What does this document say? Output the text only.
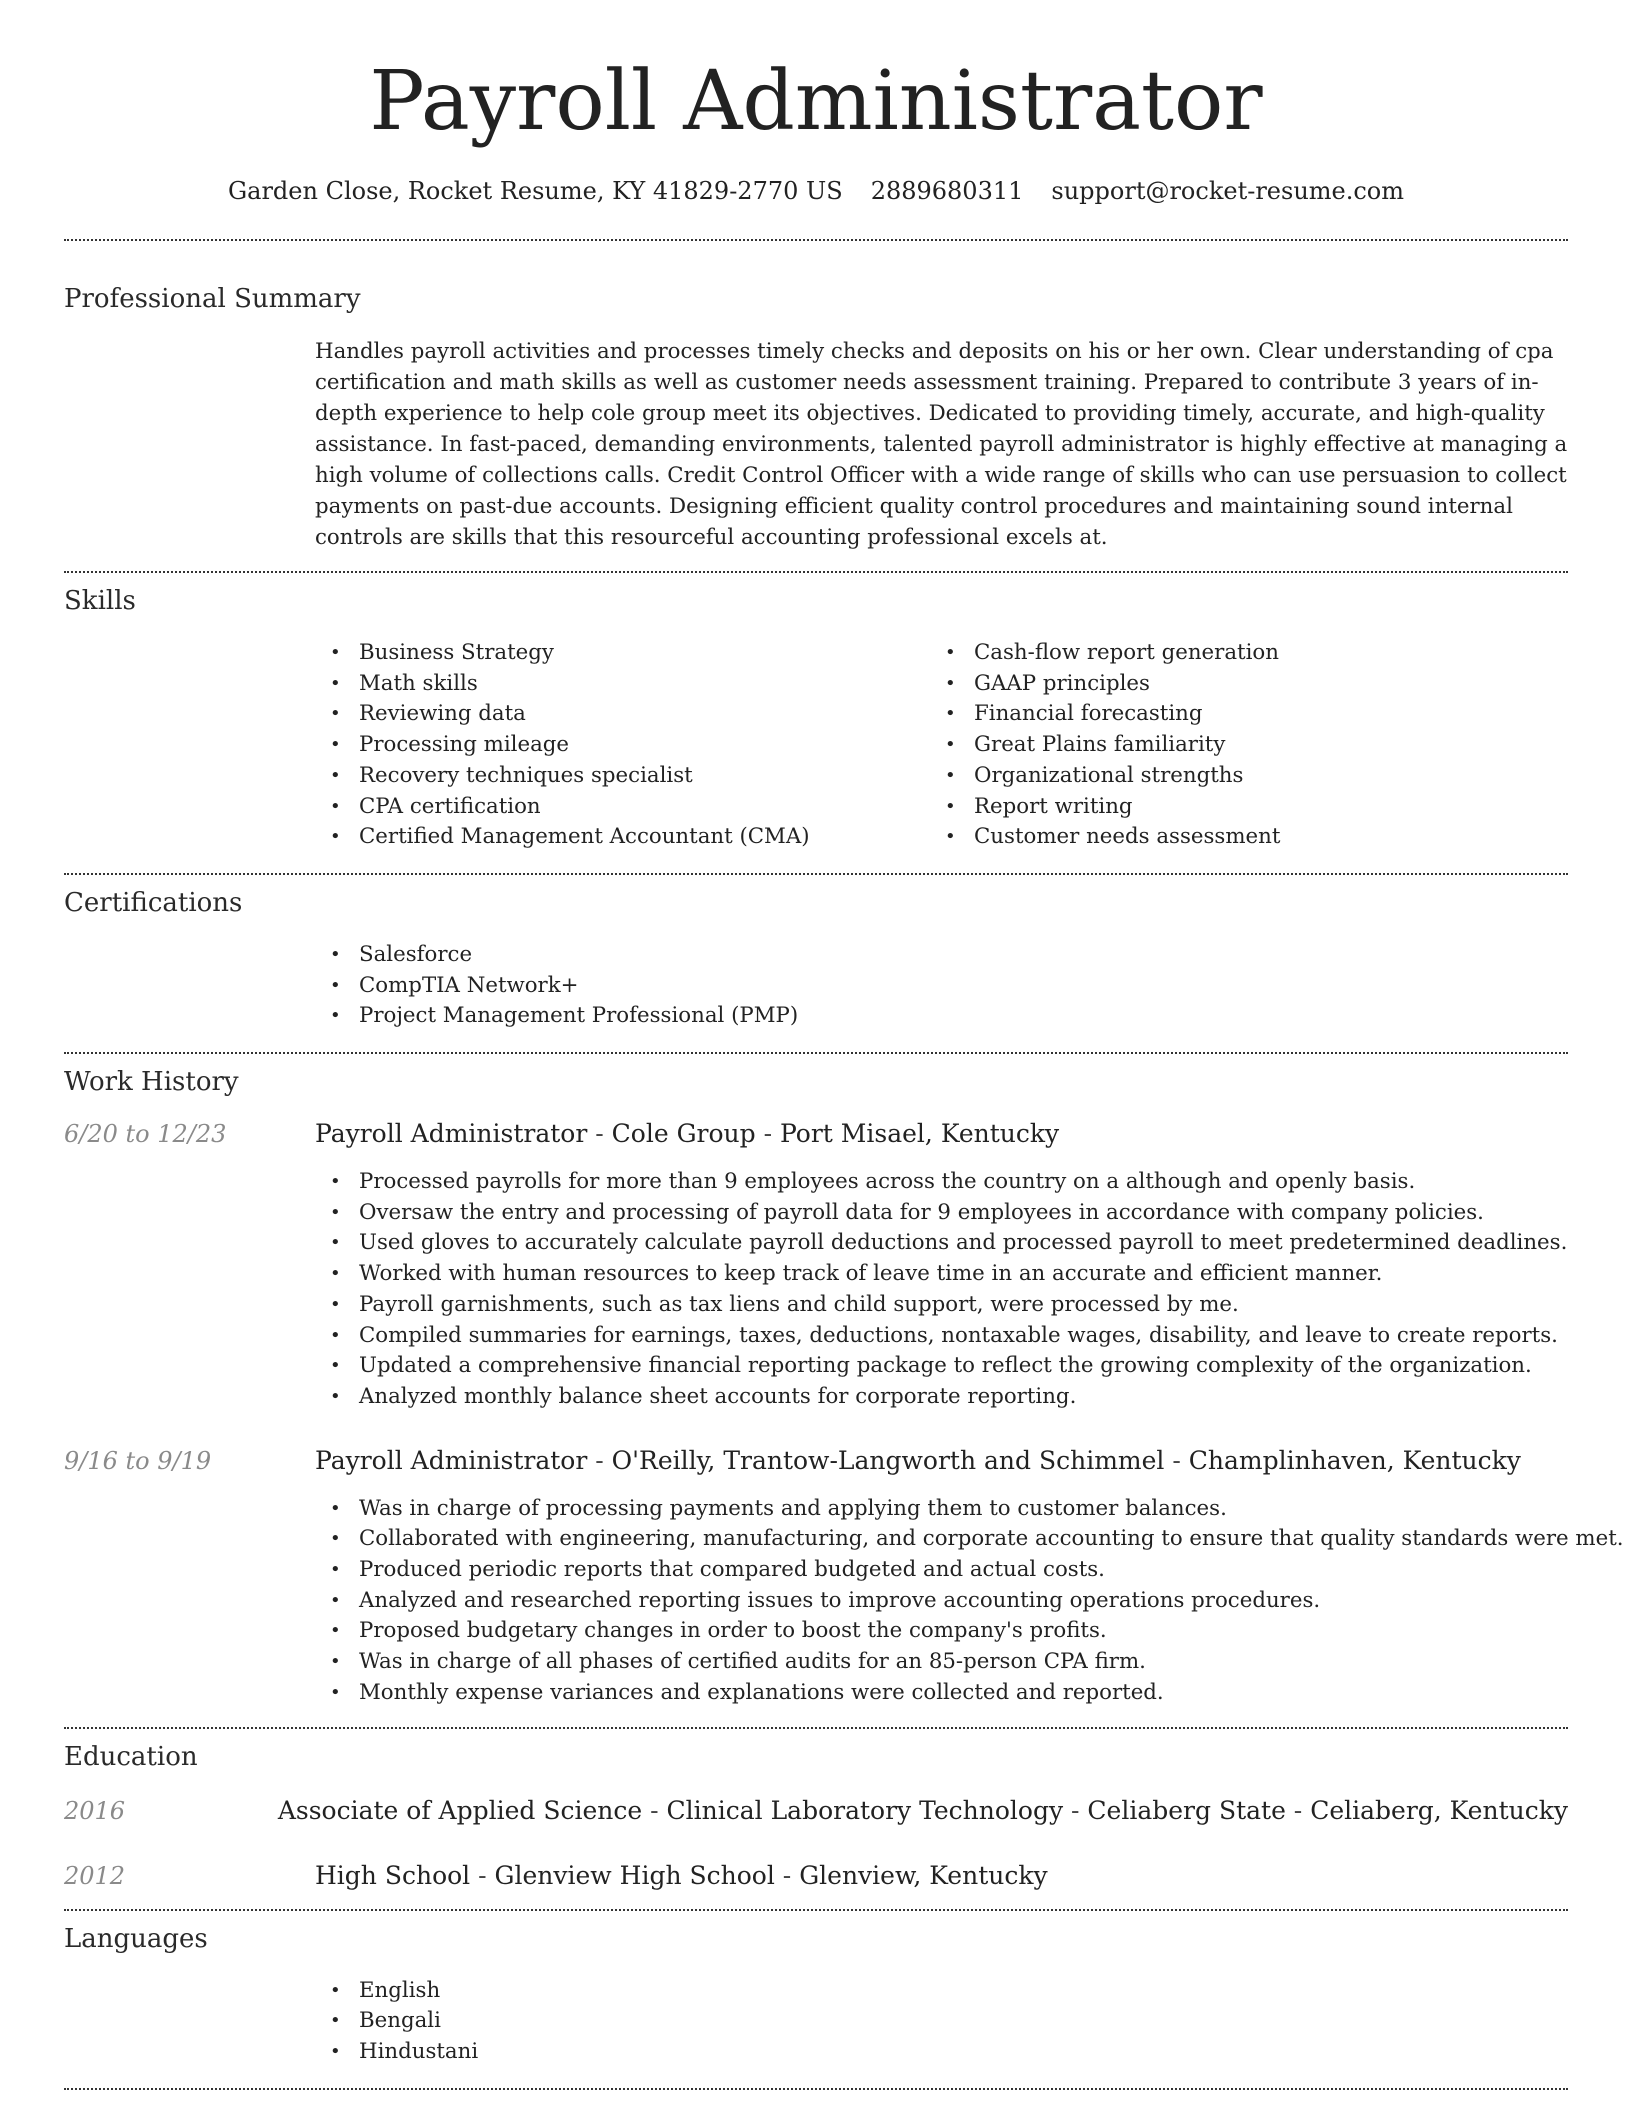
Payroll Administrator
Garden Close, Rocket Resume, KY 41829-2770 US 2889680311 support@rocket-resume.com
Professional Summary
Handles payroll activities and processes timely checks and deposits on his or her own. Clear understanding of cpa certification and math skills as well as customer needs assessment training. Prepared to contribute 3 years of in-depth experience to help cole group meet its objectives. Dedicated to providing timely, accurate, and high-quality assistance. In fast-paced, demanding environments, talented payroll administrator is highly effective at managing a high volume of collections calls. Credit Control Officer with a wide range of skills who can use persuasion to collect payments on past-due accounts. Designing efficient quality control procedures and maintaining sound internal controls are skills that this resourceful accounting professional excels at.
Skills
• Business Strategy
• Math skills
• Reviewing data
• Processing mileage
• Recovery techniques specialist
• CPA certification
• Certified Management Accountant (CMA)
• Cash-flow report generation
• GAAP principles
• Financial forecasting
• Great Plains familiarity
• Organizational strengths
• Report writing
• Customer needs assessment
Certifications
• Salesforce
• CompTIA Network+
• Project Management Professional (PMP)
Work History
6/20 to 12/23	Payroll Administrator - Cole Group - Port Misael, Kentucky
• Processed payrolls for more than 9 employees across the country on a although and openly basis.
• Oversaw the entry and processing of payroll data for 9 employees in accordance with company policies.
• Used gloves to accurately calculate payroll deductions and processed payroll to meet predetermined deadlines.
• Worked with human resources to keep track of leave time in an accurate and efficient manner.
• Payroll garnishments, such as tax liens and child support, were processed by me.
• Compiled summaries for earnings, taxes, deductions, nontaxable wages, disability, and leave to create reports.
• Updated a comprehensive financial reporting package to reflect the growing complexity of the organization.
• Analyzed monthly balance sheet accounts for corporate reporting.
9/16 to 9/19	Payroll Administrator - O'Reilly, Trantow-Langworth and Schimmel - Champlinhaven, Kentucky
• Was in charge of processing payments and applying them to customer balances.
• Collaborated with engineering, manufacturing, and corporate accounting to ensure that quality standards were met.
• Produced periodic reports that compared budgeted and actual costs.
• Analyzed and researched reporting issues to improve accounting operations procedures.
• Proposed budgetary changes in order to boost the company's profits.
• Was in charge of all phases of certified audits for an 85-person CPA firm.
• Monthly expense variances and explanations were collected and reported.
Education
2016	Associate of Applied Science - Clinical Laboratory Technology - Celiaberg State - Celiaberg, Kentucky
2012	High School - Glenview High School - Glenview, Kentucky
Languages
• English
• Bengali
• Hindustani
